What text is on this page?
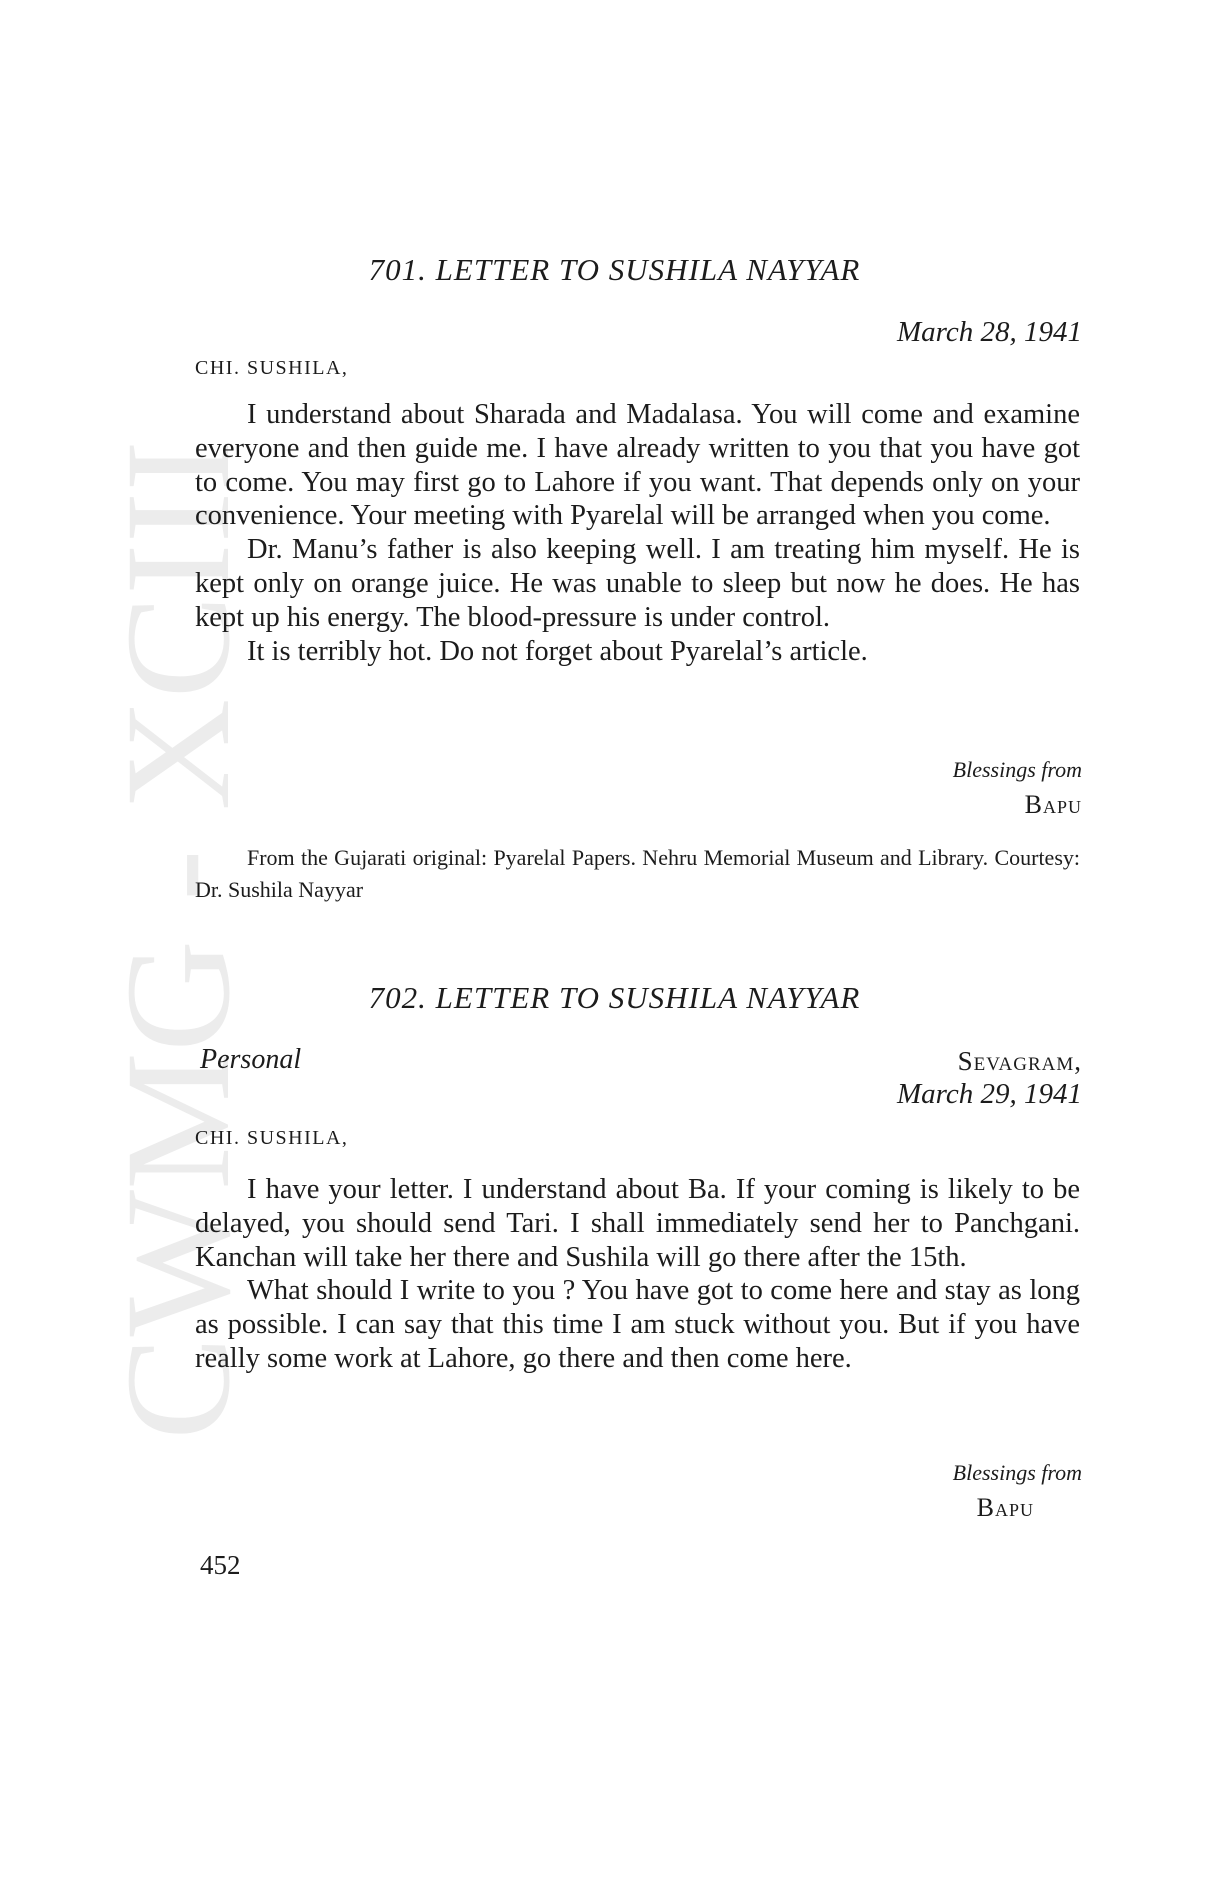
CWMG XCIII
701. LETTER TO SUSHILA NAYYAR

March 28, 1941

CHI. SUSHILA,

I understand about Sharada and Madalasa. You will come and examine everyone and then guide me. I have already written to you that you have got to come. You may first go to Lahore if you want. That depends only on your convenience. Your meeting with Pyarelal will be arranged when you come.

Dr. Manu’s father is also keeping well. I am treating him myself. He is kept only on orange juice. He was unable to sleep but now he does. He has kept up his energy. The blood-pressure is under control.

It is terribly hot. Do not forget about Pyarelal’s article.

Blessings from

Bapu

From the Gujarati original: Pyarelal Papers. Nehru Memorial Museum and Library. Courtesy: Dr. Sushila Nayyar

702. LETTER TO SUSHILA NAYYAR

Personal	Sevagram,

March 29, 1941

CHI. SUSHILA,

I have your letter. I understand about Ba. If your coming is likely to be delayed, you should send Tari. I shall immediately send her to Panchgani. Kanchan will take her there and Sushila will go there after the 15th.

What should I write to you ? You have got to come here and stay as long as possible. I can say that this time I am stuck without you. But if you have really some work at Lahore, go there and then come here.

Blessings from

Bapu

452
